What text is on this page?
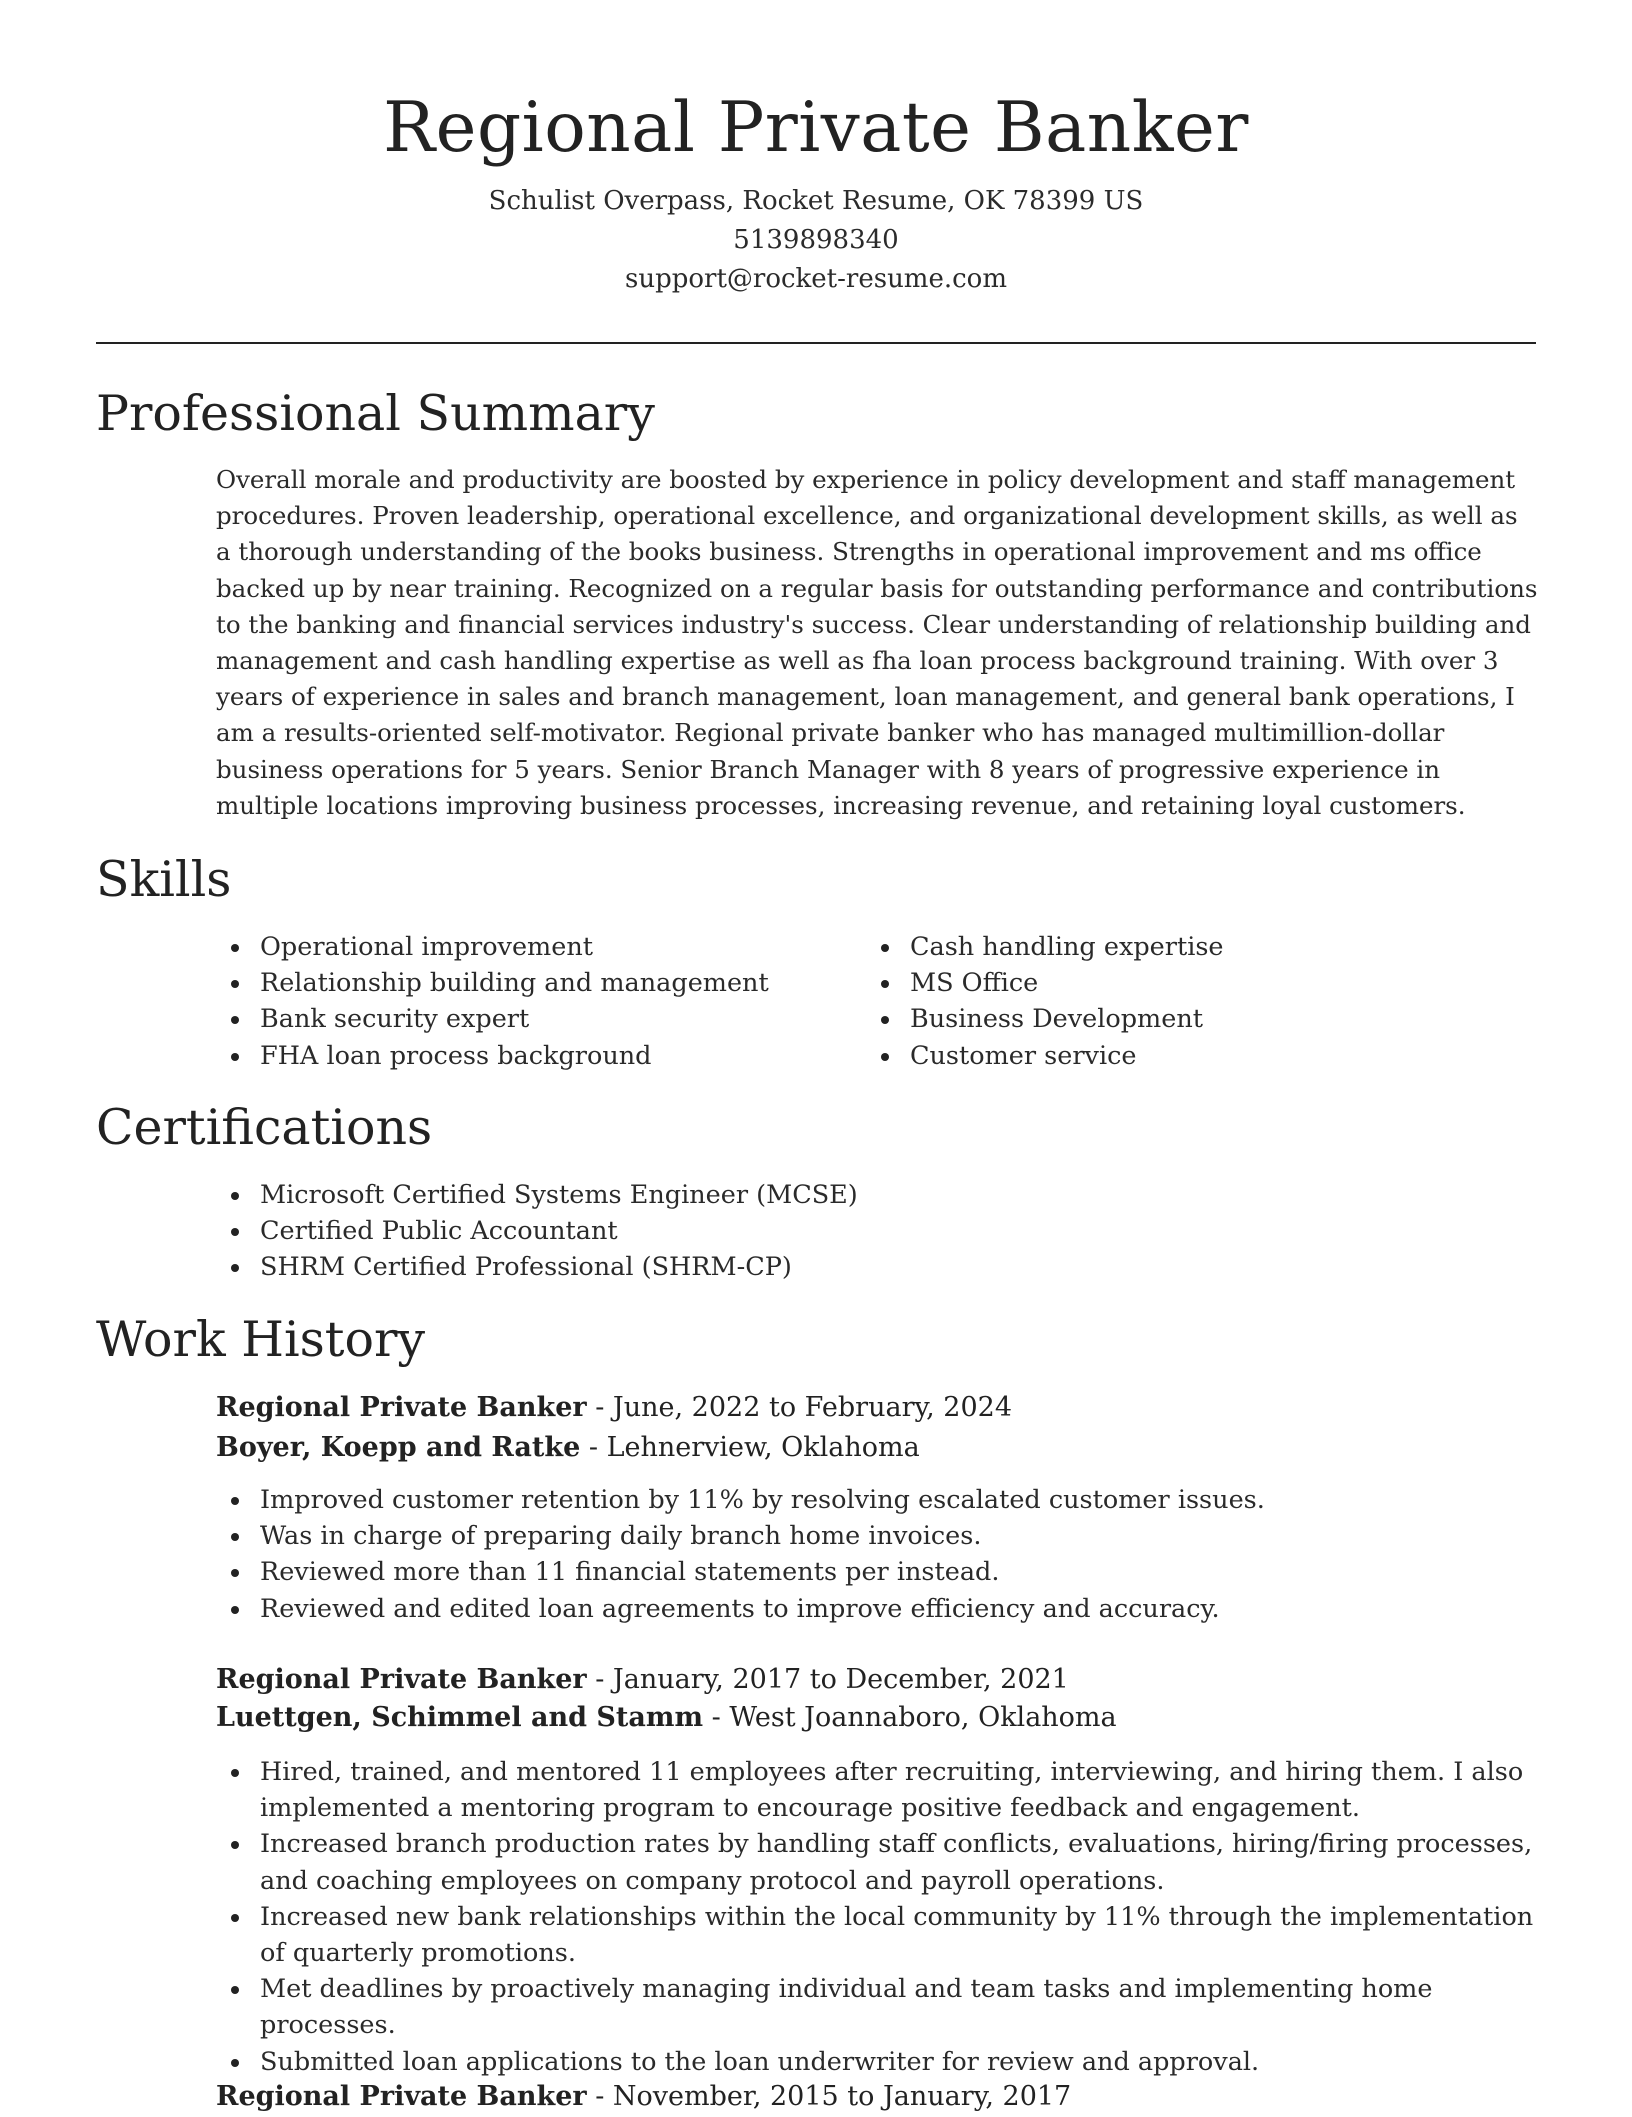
Regional Private Banker
Schulist Overpass, Rocket Resume, OK 78399 US
5139898340
support@rocket-resume.com
Professional Summary

Overall morale and productivity are boosted by experience in policy development and staff management procedures. Proven leadership, operational excellence, and organizational development skills, as well as a thorough understanding of the books business. Strengths in operational improvement and ms office backed up by near training. Recognized on a regular basis for outstanding performance and contributions to the banking and financial services industry's success. Clear understanding of relationship building and management and cash handling expertise as well as fha loan process background training. With over 3 years of experience in sales and branch management, loan management, and general bank operations, I am a results-oriented self-motivator. Regional private banker who has managed multimillion-dollar business operations for 5 years. Senior Branch Manager with 8 years of progressive experience in multiple locations improving business processes, increasing revenue, and retaining loyal customers.

Skills
Operational improvement
Relationship building and management
Bank security expert
FHA loan process background
Cash handling expertise
MS Office
Business Development
Customer service
Certifications
Microsoft Certified Systems Engineer (MCSE)
Certified Public Accountant
SHRM Certified Professional (SHRM-CP)
Work History
Regional Private Banker - June, 2022 to February, 2024
Boyer, Koepp and Ratke - Lehnerview, Oklahoma
Improved customer retention by 11% by resolving escalated customer issues.
Was in charge of preparing daily branch home invoices.
Reviewed more than 11 financial statements per instead.
Reviewed and edited loan agreements to improve efficiency and accuracy.
Regional Private Banker - January, 2017 to December, 2021
Luettgen, Schimmel and Stamm - West Joannaboro, Oklahoma
Hired, trained, and mentored 11 employees after recruiting, interviewing, and hiring them. I also implemented a mentoring program to encourage positive feedback and engagement.
Increased branch production rates by handling staff conflicts, evaluations, hiring/firing processes, and coaching employees on company protocol and payroll operations.
Increased new bank relationships within the local community by 11% through the implementation of quarterly promotions.
Met deadlines by proactively managing individual and team tasks and implementing home processes.
Submitted loan applications to the loan underwriter for review and approval.
Regional Private Banker - November, 2015 to January, 2017
